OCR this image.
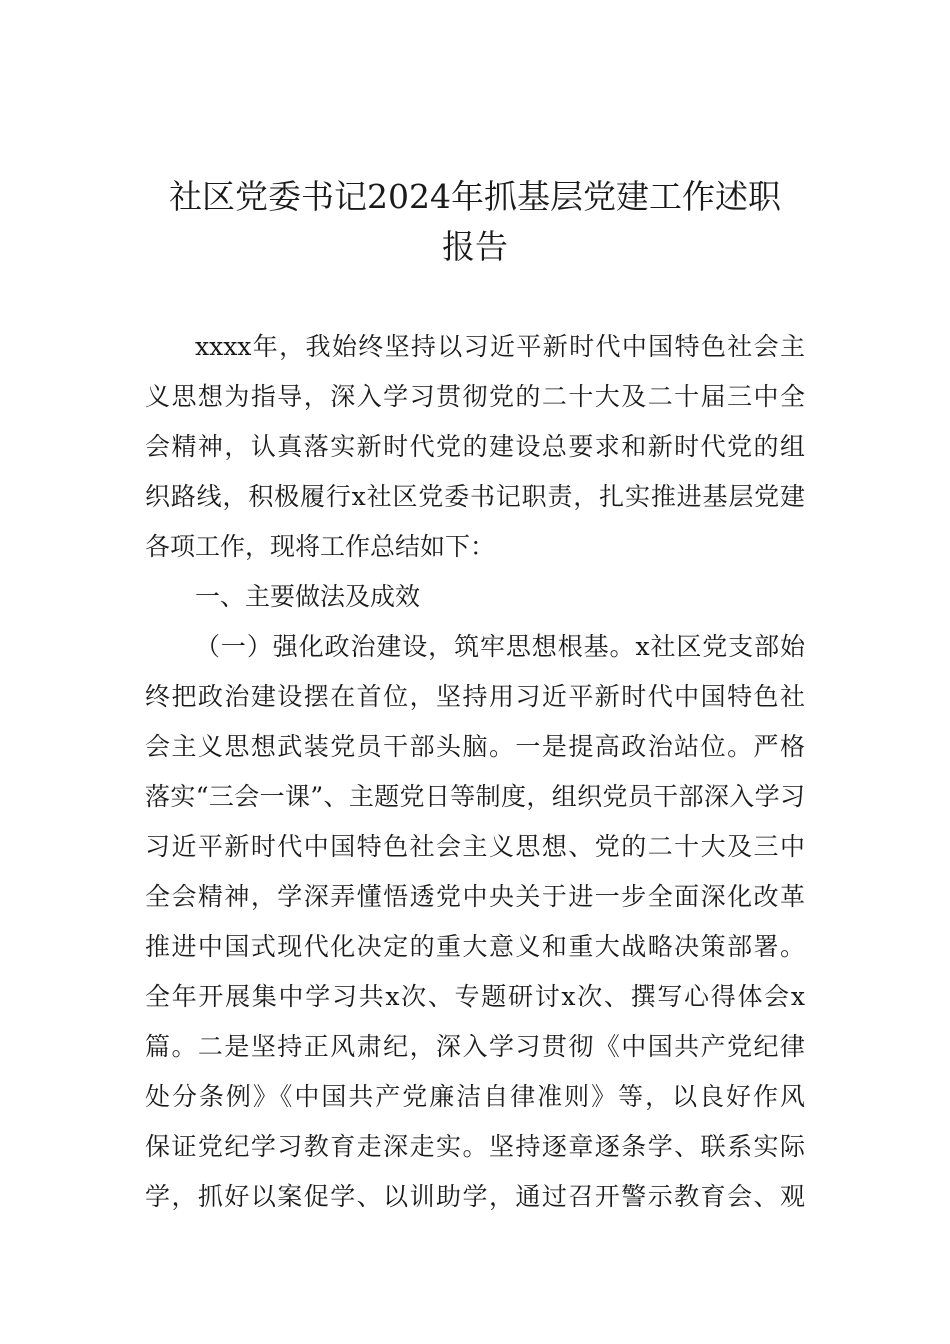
社区党委书记2024年抓基层党建工作述职
报告
xxxx年，我始终坚持以习近平新时代中国特色社会主
义思想为指导，深入学习贯彻党的二十大及二十届三中全
会精神，认真落实新时代党的建设总要求和新时代党的组
织路线，积极履行x社区党委书记职责，扎实推进基层党建
各项工作，现将工作总结如下：
一、主要做法及成效
（一）强化政治建设，筑牢思想根基。x社区党支部始
终把政治建设摆在首位，坚持用习近平新时代中国特色社
会主义思想武装党员干部头脑。一是提高政治站位。严格
落实“三会一课”、主题党日等制度，组织党员干部深入学习
习近平新时代中国特色社会主义思想、党的二十大及三中
全会精神，学深弄懂悟透党中央关于进一步全面深化改革
推进中国式现代化决定的重大意义和重大战略决策部署。
全年开展集中学习共x次、专题研讨x次、撰写心得体会x
篇。二是坚持正风肃纪，深入学习贯彻《中国共产党纪律
处分条例》《中国共产党廉洁自律准则》等，以良好作风
保证党纪学习教育走深走实。坚持逐章逐条学、联系实际
学，抓好以案促学、以训助学，通过召开警示教育会、观
